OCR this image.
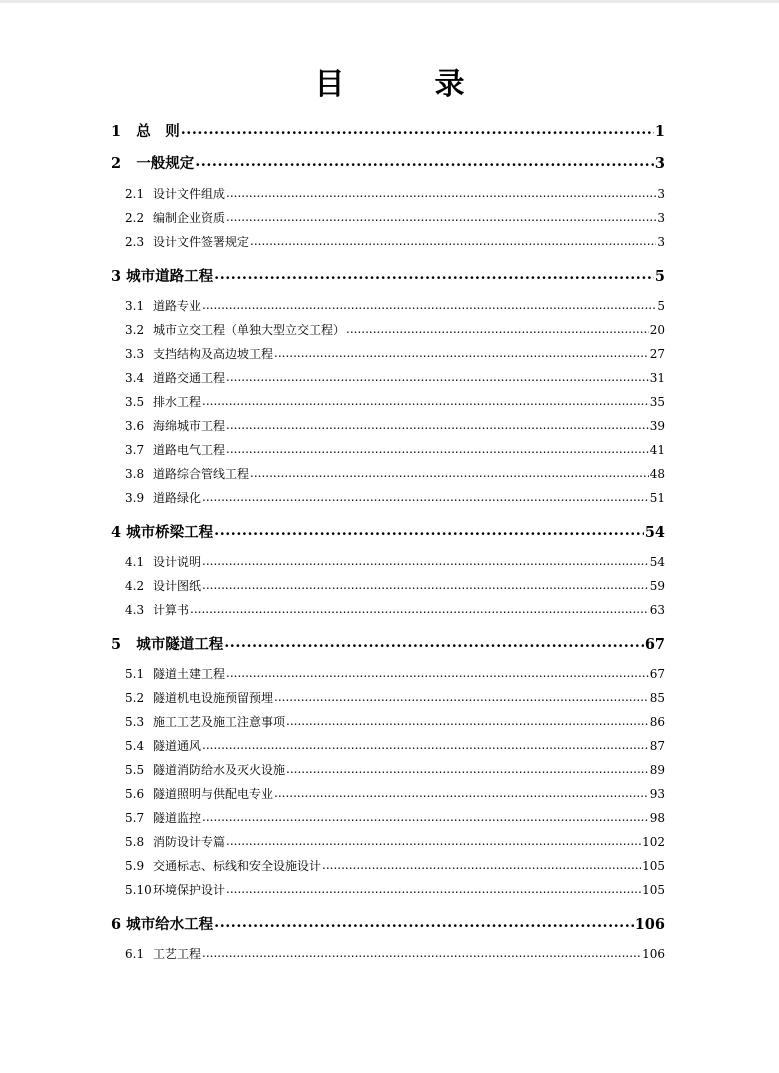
目　录
1 总　则 .....	1
2 一般规定 .....	3
2.1 设计文件组成 .....	3
2.2 编制企业资质 .....	3
2.3 设计文件签署规定 .....	3
3 城市道路工程 .....	5
3.1 道路专业 .....	5
3.2 城市立交工程（单独大型立交工程） .....	20
3.3 支挡结构及高边坡工程 .....	27
3.4 道路交通工程 .....	31
3.5 排水工程 .....	35
3.6 海绵城市工程 .....	39
3.7 道路电气工程 .....	41
3.8 道路综合管线工程 .....	48
3.9 道路绿化 .....	51
4 城市桥梁工程 .....	54
4.1 设计说明 .....	54
4.2 设计图纸 .....	59
4.3 计算书 .....	63
5 城市隧道工程 .....	67
5.1 隧道土建工程 .....	67
5.2 隧道机电设施预留预埋 .....	85
5.3 施工工艺及施工注意事项 .....	86
5.4 隧道通风 .....	87
5.5 隧道消防给水及灭火设施 .....	89
5.6 隧道照明与供配电专业 .....	93
5.7 隧道监控 .....	98
5.8 消防设计专篇 .....	102
5.9 交通标志、标线和安全设施设计 .....	105
5.10环境保护设计 .....	105
6 城市给水工程 .....	106
6.1 工艺工程 .....	106
